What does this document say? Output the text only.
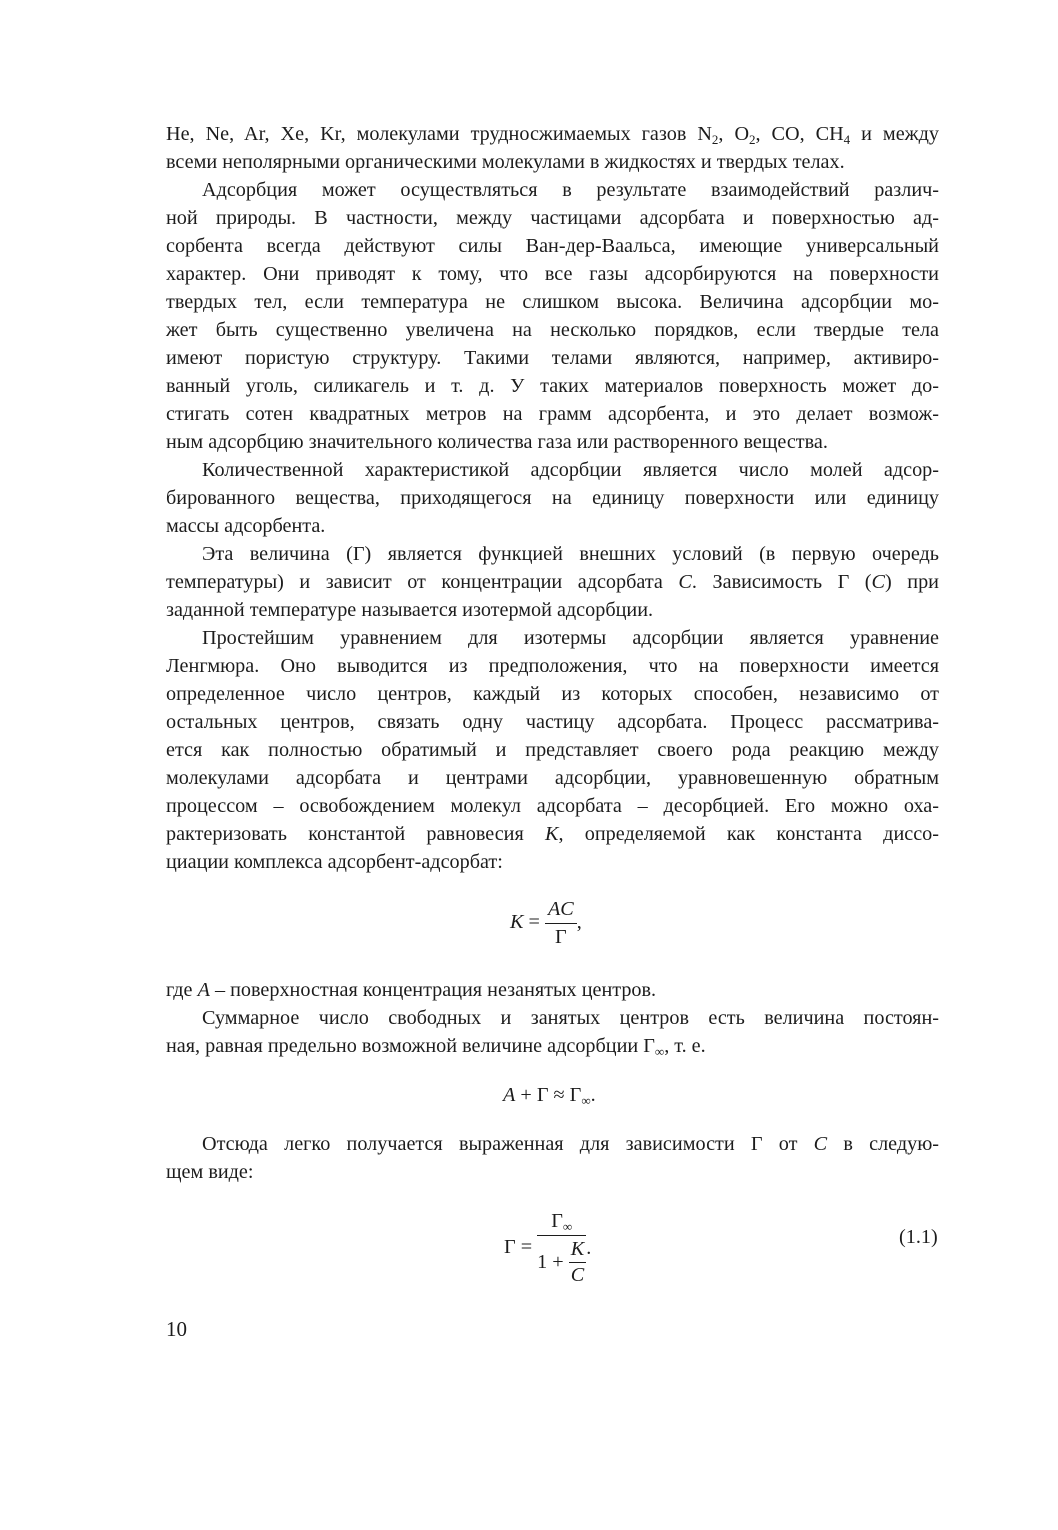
He, Ne, Ar, Xe, Kr, молекулами трудносжимаемых газов $N_2$, $O_2$, CO, $CH_4$ и между
всеми неполярными органическими молекулами в жидкостях и твердых телах.
Адсорбция может осуществляться в результате взаимодействий различ-
ной природы. В частности, между частицами адсорбата и поверхностью ад-
сорбента всегда действуют силы Ван-дер-Ваальса, имеющие универсальный
характер. Они приводят к тому, что все газы адсорбируются на поверхности
твердых тел, если температура не слишком высока. Величина адсорбции мо-
жет быть существенно увеличена на несколько порядков, если твердые тела
имеют пористую структуру. Такими телами являются, например, активиро-
ванный уголь, силикагель и т. д. У таких материалов поверхность может до-
стигать сотен квадратных метров на грамм адсорбента, и это делает возмож-
ным адсорбцию значительного количества газа или растворенного вещества.
Количественной характеристикой адсорбции является число молей адсор-
бированного вещества, приходящегося на единицу поверхности или единицу
массы адсорбента.
Эта величина (Г) является функцией внешних условий (в первую очередь
температуры) и зависит от концентрации адсорбата C. Зависимость Г (C) при
заданной температуре называется изотермой адсорбции.
Простейшим уравнением для изотермы адсорбции является уравнение
Ленгмюра. Оно выводится из предположения, что на поверхности имеется
определенное число центров, каждый из которых способен, независимо от
остальных центров, связать одну частицу адсорбата. Процесс рассматрива-
ется как полностью обратимый и представляет своего рода реакцию между
молекулами адсорбата и центрами адсорбции, уравновешенную обратным
процессом – освобождением молекул адсорбата – десорбцией. Его можно оха-
рактеризовать константой равновесия K, определяемой как константа диссо-
циации комплекса адсорбент-адсорбат:
$K = \frac{AC}{Г}$ ,
где A – поверхностная концентрация незанятых центров.
Суммарное число свободных и занятых центров есть величина постоян-
ная, равная предельно возможной величине адсорбции $Г_\infty$, т. е.
$A + Г \approx Г_\infty$.
Отсюда легко получается выраженная для зависимости Г от C в следую-
щем виде:
$Г = \frac{Г_\infty}{1 + \frac{K}{C}}$ .	(1.1)
10
